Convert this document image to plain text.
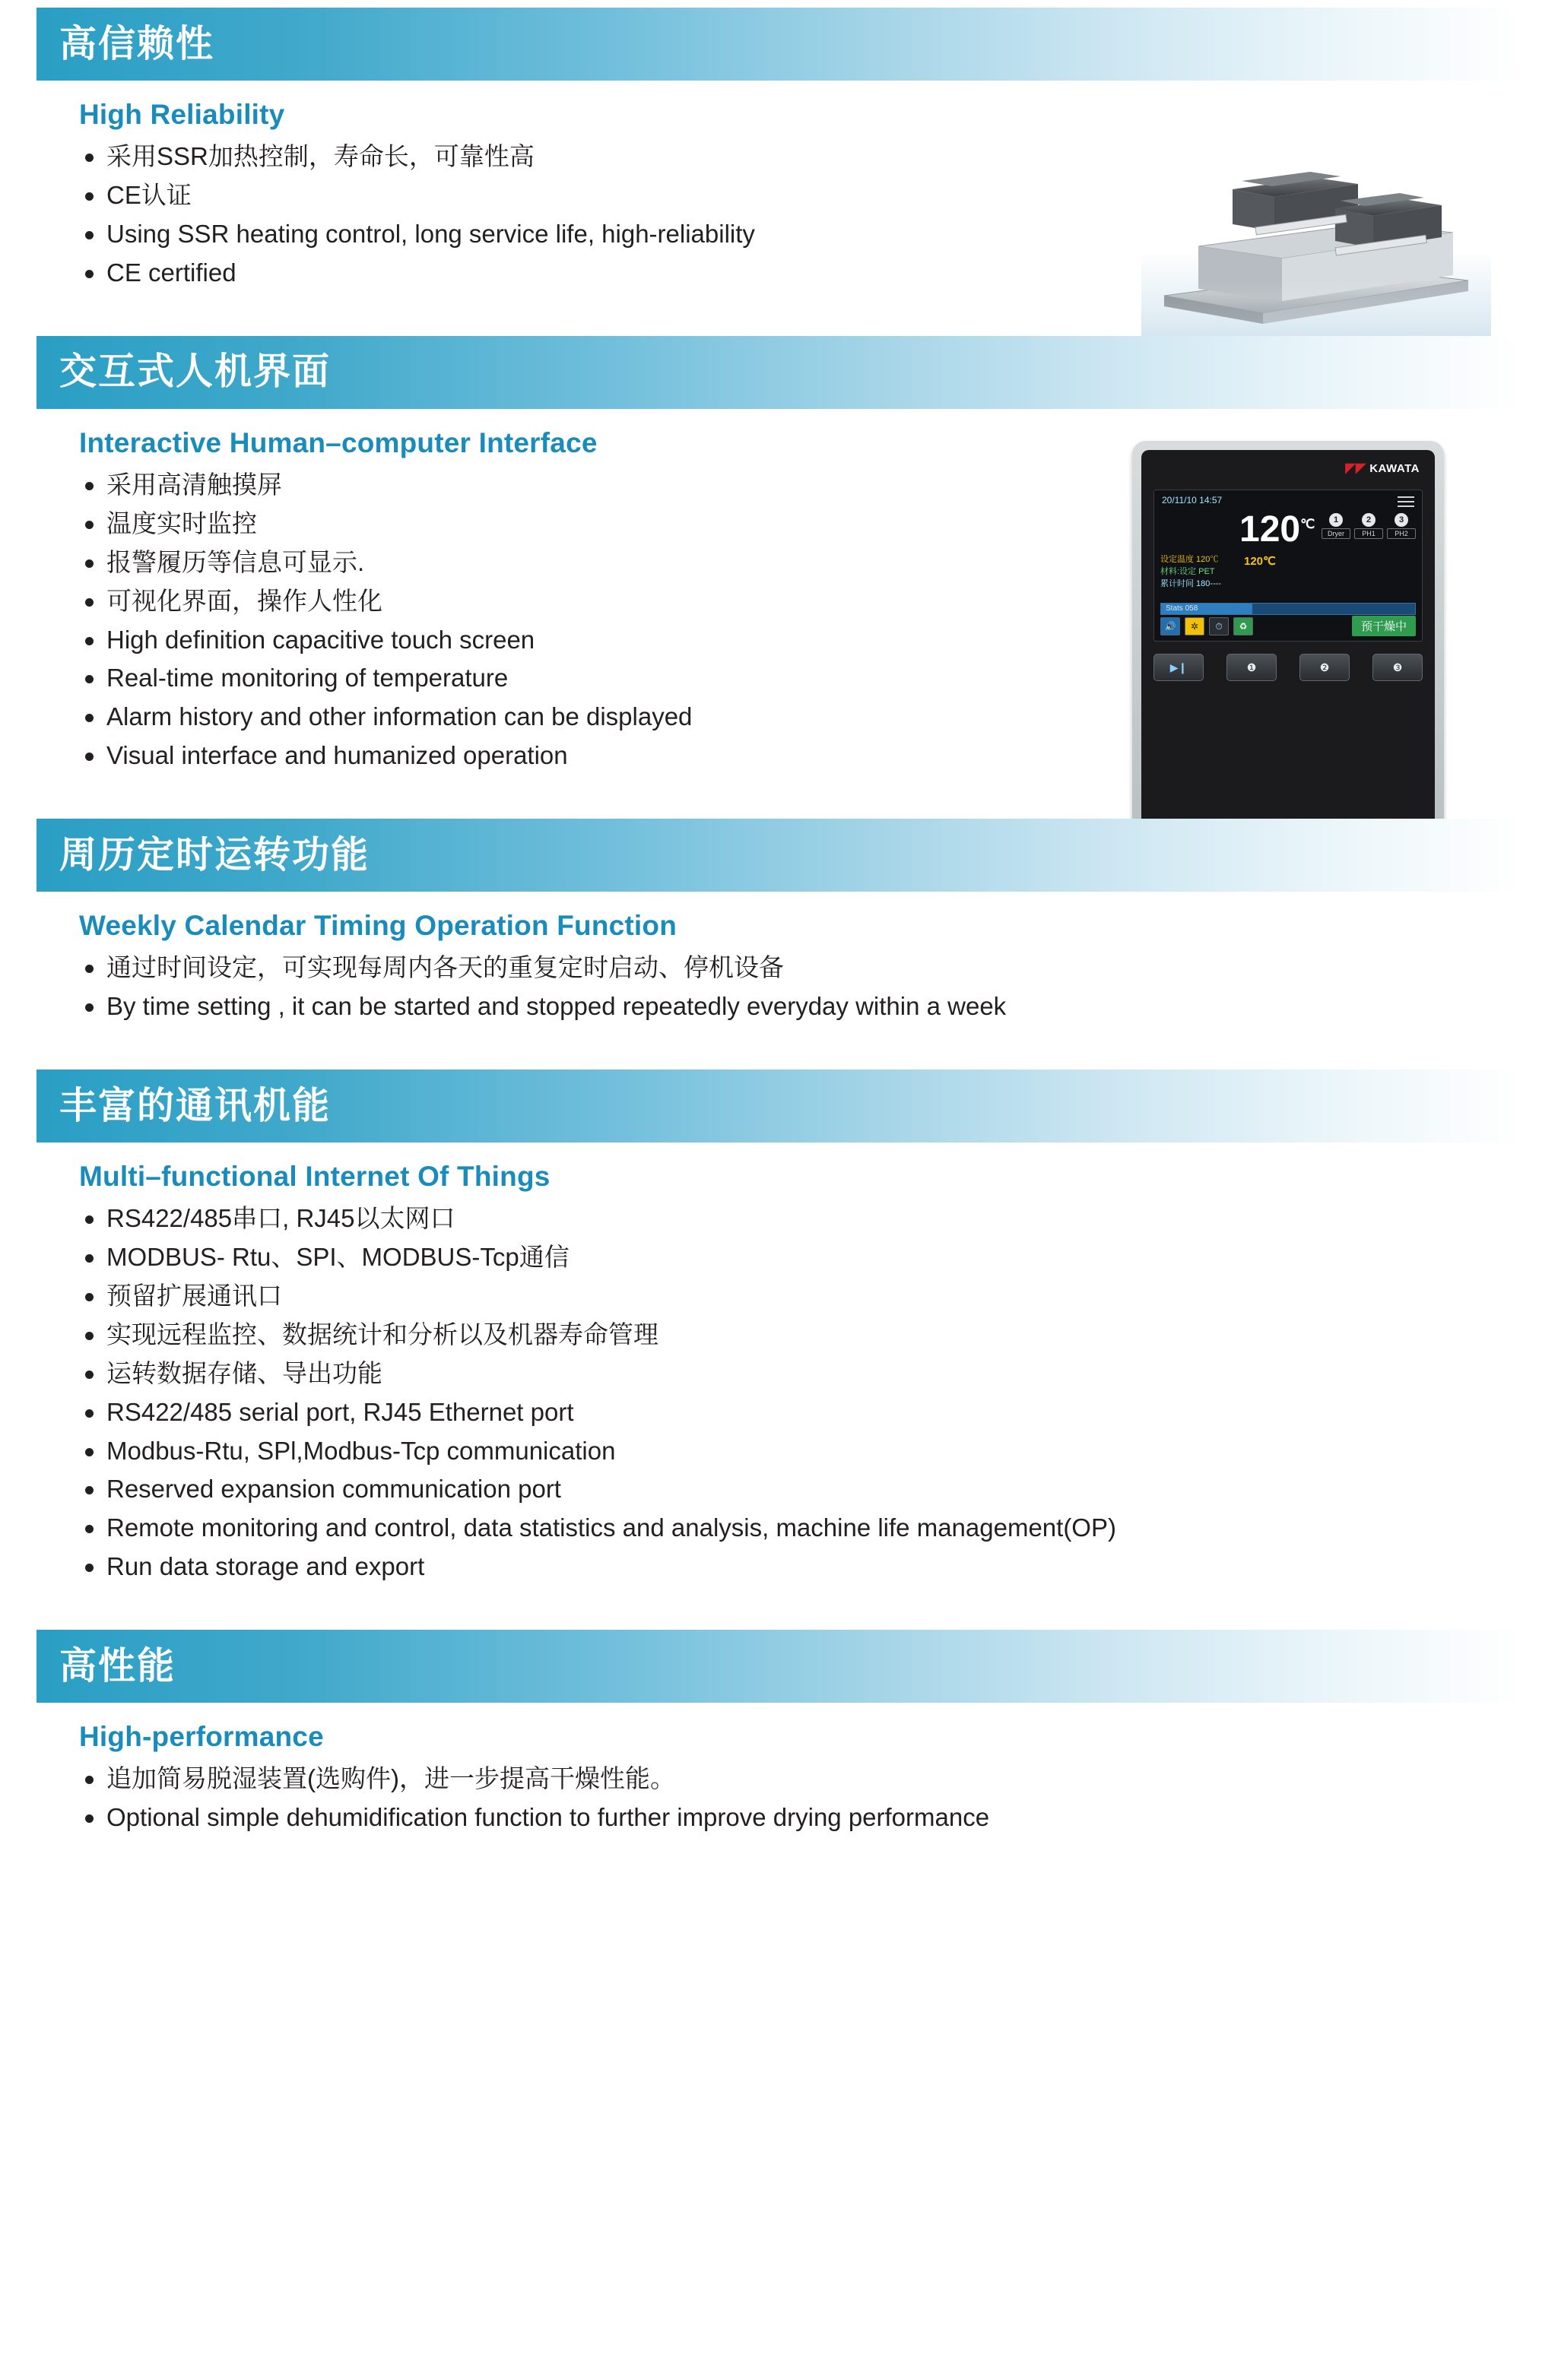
高信赖性
High Reliability
采用SSR加热控制，寿命长，可靠性高
CE认证
Using SSR heating control, long service life, high-reliability
CE certified
交互式人机界面
Interactive Human–computer Interface
采用高清触摸屏
温度实时监控
报警履历等信息可显示.
可视化界面，操作人性化
High definition capacitive touch screen
Real-time monitoring of temperature
Alarm history and other information can be displayed
Visual interface and humanized operation
◤◤ KAWATA
20/11/10 14:57
120℃	1
Dryer
2
PH1
3
PH2
设定温度 120℃
材料:设定 PET
累计时间 180----
120℃
Stats 058
🔊	✲	⏱	♻	预干燥中
▶❙	❶	❷	❸
周历定时运转功能
Weekly Calendar Timing Operation Function
通过时间设定，可实现每周内各天的重复定时启动、停机设备
By time setting , it can be started and stopped repeatedly everyday within a week
丰富的通讯机能
Multi–functional Internet Of Things
RS422/485串口, RJ45以太网口
MODBUS- Rtu、SPI、MODBUS-Tcp通信
预留扩展通讯口
实现远程监控、数据统计和分析以及机器寿命管理
运转数据存储、导出功能
RS422/485 serial port, RJ45 Ethernet port
Modbus-Rtu, SPl,Modbus-Tcp communication
Reserved expansion communication port
Remote monitoring and control, data statistics and analysis, machine life management(OP)
Run data storage and export
高性能
High-performance
追加简易脱湿装置(选购件)，进一步提高干燥性能。
Optional simple dehumidification function to further improve drying performance
